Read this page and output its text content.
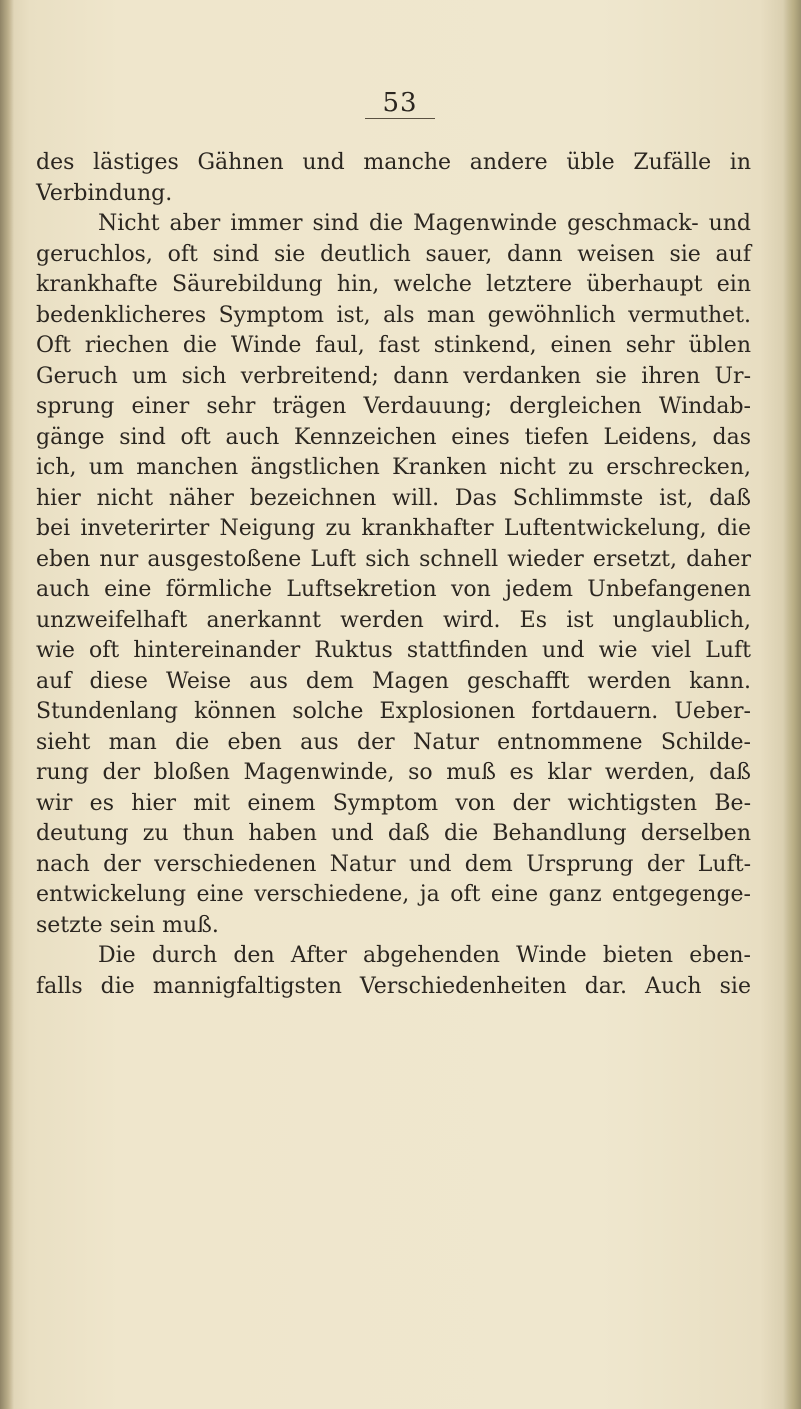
53
des lästiges Gähnen und manche andere üble Zufälle in
Verbindung.
Nicht aber immer sind die Magenwinde geschmack- und
geruchlos, oft sind sie deutlich sauer, dann weisen sie auf
krankhafte Säurebildung hin, welche letztere überhaupt ein
bedenklicheres Symptom ist, als man gewöhnlich vermuthet.
Oft riechen die Winde faul, fast stinkend, einen sehr üblen
Geruch um sich verbreitend; dann verdanken sie ihren Ur-
sprung einer sehr trägen Verdauung; dergleichen Windab-
gänge sind oft auch Kennzeichen eines tiefen Leidens, das
ich, um manchen ängstlichen Kranken nicht zu erschrecken,
hier nicht näher bezeichnen will. Das Schlimmste ist, daß
bei inveterirter Neigung zu krankhafter Luftentwickelung, die
eben nur ausgestoßene Luft sich schnell wieder ersetzt, daher
auch eine förmliche Luftsekretion von jedem Unbefangenen
unzweifelhaft anerkannt werden wird. Es ist unglaublich,
wie oft hintereinander Ruktus stattfinden und wie viel Luft
auf diese Weise aus dem Magen geschafft werden kann.
Stundenlang können solche Explosionen fortdauern. Ueber-
sieht man die eben aus der Natur entnommene Schilde-
rung der bloßen Magenwinde, so muß es klar werden, daß
wir es hier mit einem Symptom von der wichtigsten Be-
deutung zu thun haben und daß die Behandlung derselben
nach der verschiedenen Natur und dem Ursprung der Luft-
entwickelung eine verschiedene, ja oft eine ganz entgegenge-
setzte sein muß.
Die durch den After abgehenden Winde bieten eben-
falls die mannigfaltigsten Verschiedenheiten dar. Auch sie
